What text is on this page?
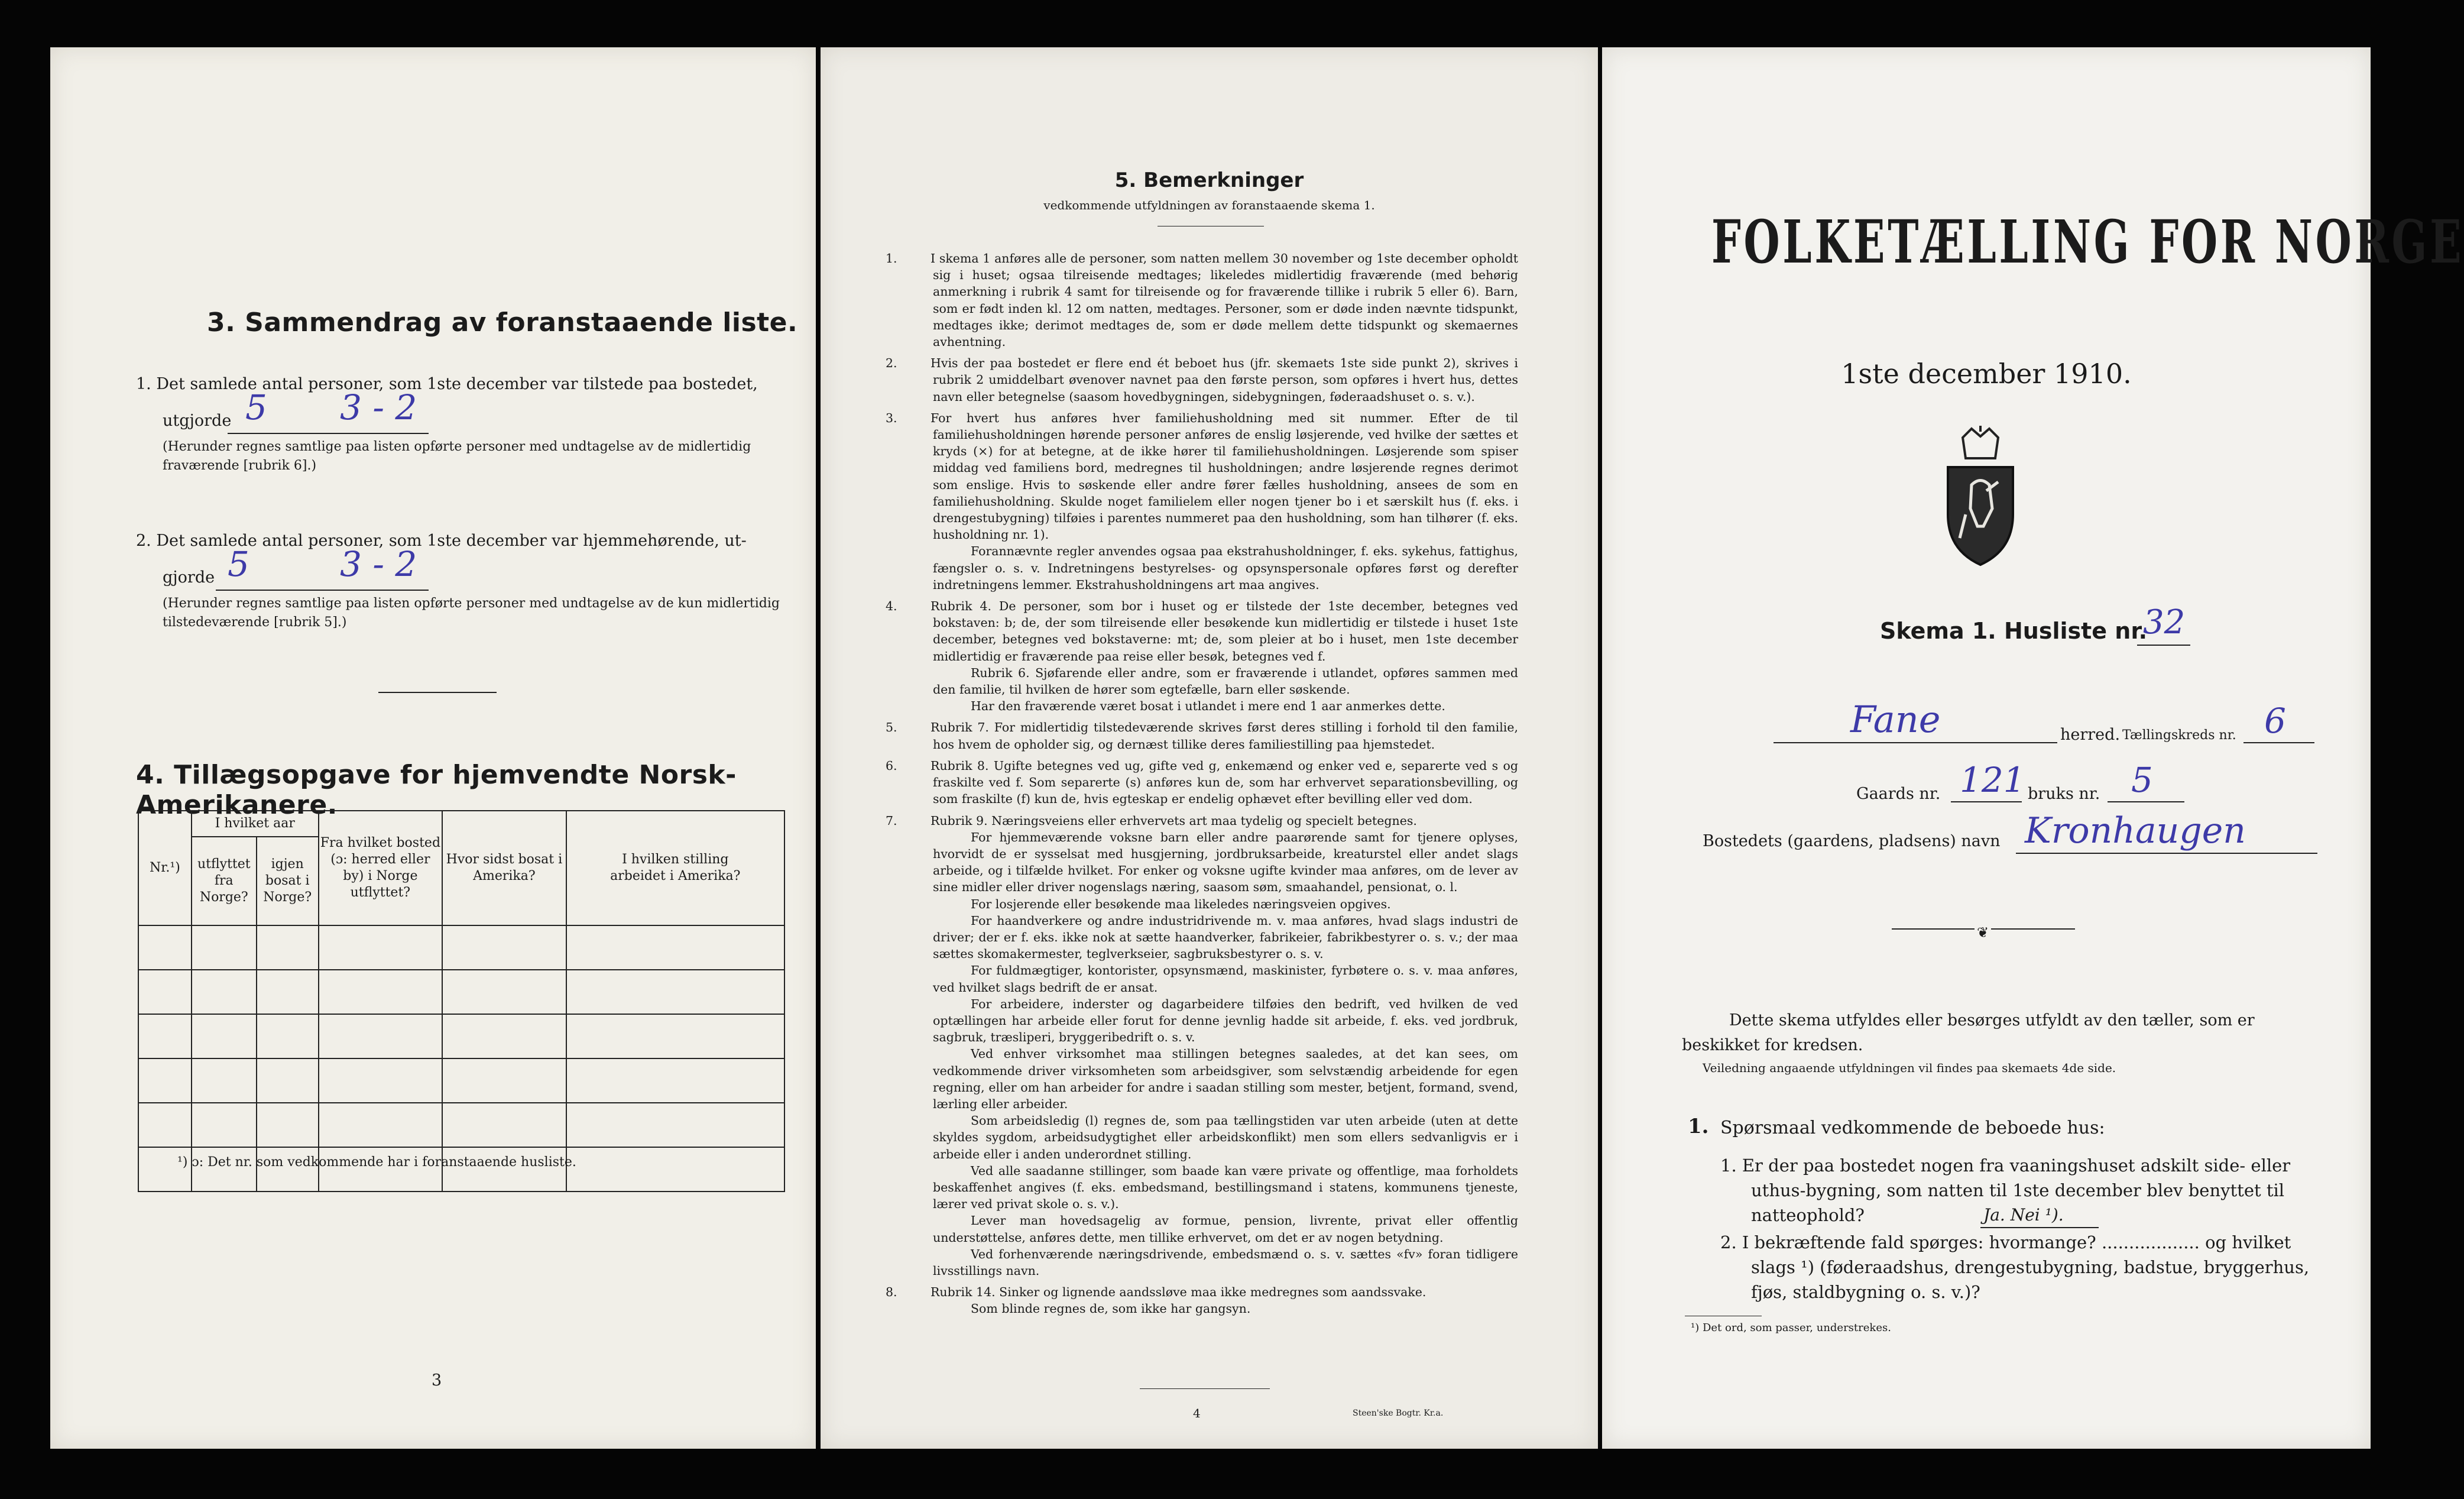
3. Sammendrag av foranstaaende liste.
1. Det samlede antal personer, som 1ste december var tilstede paa bostedet,
utgjorde 5 3 - 2
(Herunder regnes samtlige paa listen opførte personer med undtagelse av de midlertidig fraværende [rubrik 6].)
2. Det samlede antal personer, som 1ste december var hjemmehørende, ut-
gjorde 5	3 - 2
(Herunder regnes samtlige paa listen opførte personer med undtagelse av de kun midlertidig tilstedeværende [rubrik 5].)
4. Tillægsopgave for hjemvendte Norsk-Amerikanere.
Nr.¹)	I hvilket aar		Fra hvilket bosted (ɔ: herred eller by) i Norge utflyttet?	Hvor sidst bosat i Amerika?	I hvilken stilling arbeidet i Amerika?
	utflyttet fra Norge?	igjen bosat i Norge?			

¹) ɔ: Det nr. som vedkommende har i foranstaaende husliste.
3
5. Bemerkninger
vedkommende utfyldningen av foranstaaende skema 1.

1.	I skema 1 anføres alle de personer, som natten mellem 30 november og 1ste december opholdt sig i huset; ogsaa tilreisende medtages; likeledes midlertidig fraværende (med behørig anmerkning i rubrik 4 samt for tilreisende og for fraværende tillike i rubrik 5 eller 6). Barn, som er født inden kl. 12 om natten, medtages. Personer, som er døde inden nævnte tidspunkt, medtages ikke; derimot medtages de, som er døde mellem dette tidspunkt og skemaernes avhentning.

2.	Hvis der paa bostedet er flere end ét beboet hus (jfr. skemaets 1ste side punkt 2), skrives i rubrik 2 umiddelbart øvenover navnet paa den første person, som opføres i hvert hus, dettes navn eller betegnelse (saasom hovedbygningen, sidebygningen, føderaadshuset o. s. v.).

3.	For hvert hus anføres hver familiehusholdning med sit nummer. Efter de til familiehusholdningen hørende personer anføres de enslig løsjerende, ved hvilke der sættes et kryds (×) for at betegne, at de ikke hører til familiehusholdningen. Løsjerende som spiser middag ved familiens bord, medregnes til husholdningen; andre løsjerende regnes derimot som enslige. Hvis to søskende eller andre fører fælles husholdning, ansees de som en familiehusholdning. Skulde noget familielem eller nogen tjener bo i et særskilt hus (f. eks. i drengestubygning) tilføies i parentes nummeret paa den husholdning, som han tilhører (f. eks. husholdning nr. 1).

Forannævnte regler anvendes ogsaa paa ekstrahusholdninger, f. eks. sykehus, fattighus, fængsler o. s. v. Indretningens bestyrelses- og opsynspersonale opføres først og derefter indretningens lemmer. Ekstrahusholdningens art maa angives.

4.	Rubrik 4. De personer, som bor i huset og er tilstede der 1ste december, betegnes ved bokstaven: b; de, der som tilreisende eller besøkende kun midlertidig er tilstede i huset 1ste december, betegnes ved bokstaverne: mt; de, som pleier at bo i huset, men 1ste december midlertidig er fraværende paa reise eller besøk, betegnes ved f.

Rubrik 6. Sjøfarende eller andre, som er fraværende i utlandet, opføres sammen med den familie, til hvilken de hører som egtefælle, barn eller søskende.

Har den fraværende været bosat i utlandet i mere end 1 aar anmerkes dette.

5.	Rubrik 7. For midlertidig tilstedeværende skrives først deres stilling i forhold til den familie, hos hvem de opholder sig, og dernæst tillike deres familiestilling paa hjemstedet.

6.	Rubrik 8. Ugifte betegnes ved ug, gifte ved g, enkemænd og enker ved e, separerte ved s og fraskilte ved f. Som separerte (s) anføres kun de, som har erhvervet separationsbevilling, og som fraskilte (f) kun de, hvis egteskap er endelig ophævet efter bevilling eller ved dom.

7.	Rubrik 9. Næringsveiens eller erhvervets art maa tydelig og specielt betegnes.

For hjemmeværende voksne barn eller andre paarørende samt for tjenere oplyses, hvorvidt de er sysselsat med husgjerning, jordbruksarbeide, kreaturstel eller andet slags arbeide, og i tilfælde hvilket. For enker og voksne ugifte kvinder maa anføres, om de lever av sine midler eller driver nogenslags næring, saasom søm, smaahandel, pensionat, o. l.

For losjerende eller besøkende maa likeledes næringsveien opgives.

For haandverkere og andre industridrivende m. v. maa anføres, hvad slags industri de driver; der er f. eks. ikke nok at sætte haandverker, fabrikeier, fabrikbestyrer o. s. v.; der maa sættes skomakermester, teglverkseier, sagbruksbestyrer o. s. v.

For fuldmægtiger, kontorister, opsynsmænd, maskinister, fyrbøtere o. s. v. maa anføres, ved hvilket slags bedrift de er ansat.

For arbeidere, inderster og dagarbeidere tilføies den bedrift, ved hvilken de ved optællingen har arbeide eller forut for denne jevnlig hadde sit arbeide, f. eks. ved jordbruk, sagbruk, træsliperi, bryggeribedrift o. s. v.

Ved enhver virksomhet maa stillingen betegnes saaledes, at det kan sees, om vedkommende driver virksomheten som arbeidsgiver, som selvstændig arbeidende for egen regning, eller om han arbeider for andre i saadan stilling som mester, betjent, formand, svend, lærling eller arbeider.

Som arbeidsledig (l) regnes de, som paa tællingstiden var uten arbeide (uten at dette skyldes sygdom, arbeidsudygtighet eller arbeidskonflikt) men som ellers sedvanligvis er i arbeide eller i anden underordnet stilling.

Ved alle saadanne stillinger, som baade kan være private og offentlige, maa forholdets beskaffenhet angives (f. eks. embedsmand, bestillingsmand i statens, kommunens tjeneste, lærer ved privat skole o. s. v.).

Lever man hovedsagelig av formue, pension, livrente, privat eller offentlig understøttelse, anføres dette, men tillike erhvervet, om det er av nogen betydning.

Ved forhenværende næringsdrivende, embedsmænd o. s. v. sættes «fv» foran tidligere livsstillings navn.

8.	Rubrik 14. Sinker og lignende aandssløve maa ikke medregnes som aandssvake.

Som blinde regnes de, som ikke har gangsyn.

4	Steen'ske Bogtr. Kr.a.
FOLKETÆLLING FOR NORGE
1ste december 1910.
Skema 1. Husliste nr.
32
Fane	herred. Tællingskreds nr. 6
Gaards nr. 121 bruks nr. 5
Bostedets (gaardens, pladsens) navn Kronhaugen
❦
Dette skema utfyldes eller besørges utfyldt av den tæller, som er beskikket for kredsen.
Veiledning angaaende utfyldningen vil findes paa skemaets 4de side.
1. Spørsmaal vedkommende de beboede hus:
1. Er der paa bostedet nogen fra vaaningshuset adskilt side- eller uthus-bygning, som natten til 1ste december blev benyttet til natteophold?	Ja. Nei ¹).
2. I bekræftende fald spørges: hvormange? .................. og hvilket slags ¹) (føderaadshus, drengestubygning, badstue, bryggerhus, fjøs, staldbygning o. s. v.)?
¹) Det ord, som passer, understrekes.
